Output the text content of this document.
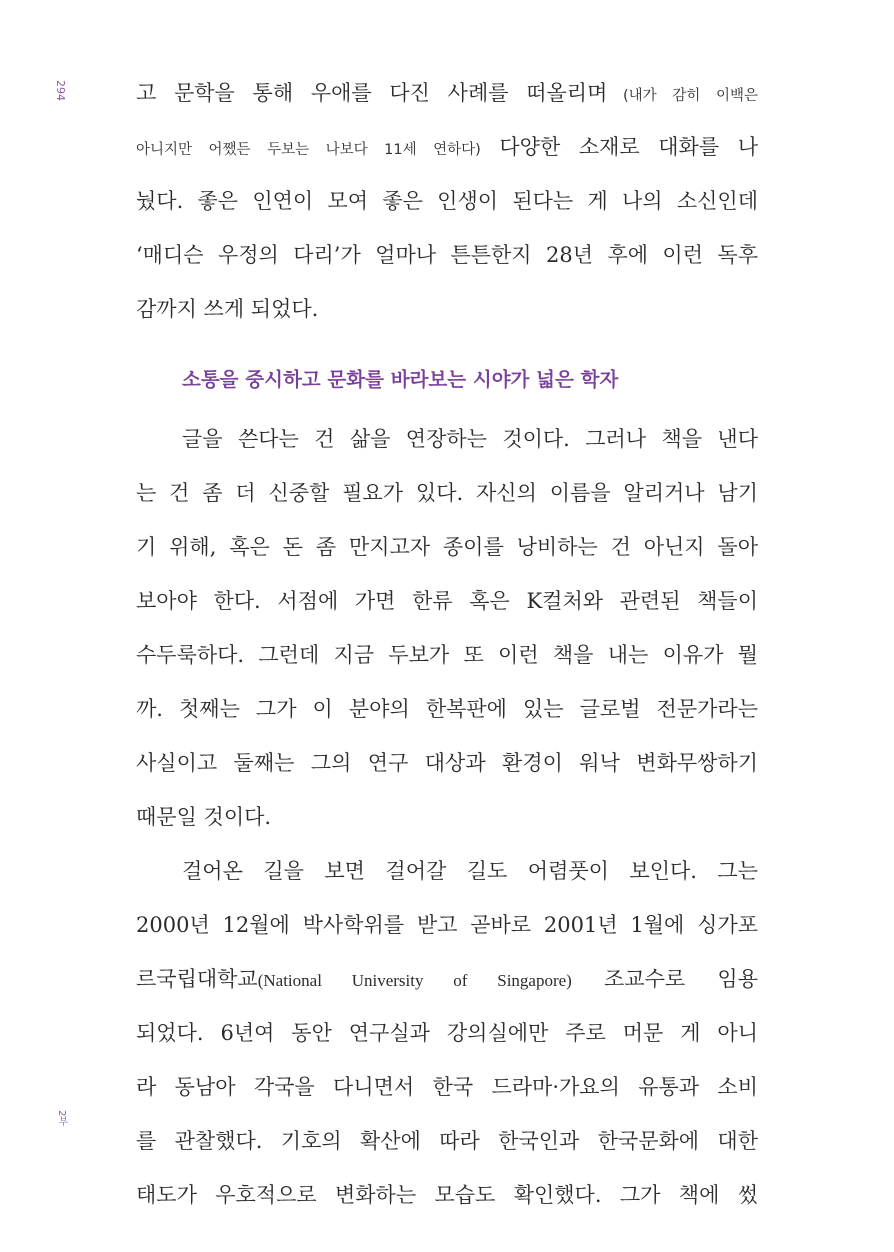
294
2부
고 문학을 통해 우애를 다진 사례를 떠올리며 (내가 감히 이백은
아니지만 어쨌든 두보는 나보다 11세 연하다) 다양한 소재로 대화를 나
눴다. 좋은 인연이 모여 좋은 인생이 된다는 게 나의 소신인데
‘매디슨 우정의 다리’가 얼마나 튼튼한지 28년 후에 이런 독후
감까지 쓰게 되었다.
소통을 중시하고 문화를 바라보는 시야가 넓은 학자
글을 쓴다는 건 삶을 연장하는 것이다. 그러나 책을 낸다
는 건 좀 더 신중할 필요가 있다. 자신의 이름을 알리거나 남기
기 위해, 혹은 돈 좀 만지고자 종이를 낭비하는 건 아닌지 돌아
보아야 한다. 서점에 가면 한류 혹은 K컬처와 관련된 책들이
수두룩하다. 그런데 지금 두보가 또 이런 책을 내는 이유가 뭘
까. 첫째는 그가 이 분야의 한복판에 있는 글로벌 전문가라는
사실이고 둘째는 그의 연구 대상과 환경이 워낙 변화무쌍하기
때문일 것이다.
걸어온 길을 보면 걸어갈 길도 어렴풋이 보인다. 그는
2000년 12월에 박사학위를 받고 곧바로 2001년 1월에 싱가포
르국립대학교(National University of Singapore) 조교수로 임용
되었다. 6년여 동안 연구실과 강의실에만 주로 머문 게 아니
라 동남아 각국을 다니면서 한국 드라마·가요의 유통과 소비
를 관찰했다. 기호의 확산에 따라 한국인과 한국문화에 대한
태도가 우호적으로 변화하는 모습도 확인했다. 그가 책에 썼
